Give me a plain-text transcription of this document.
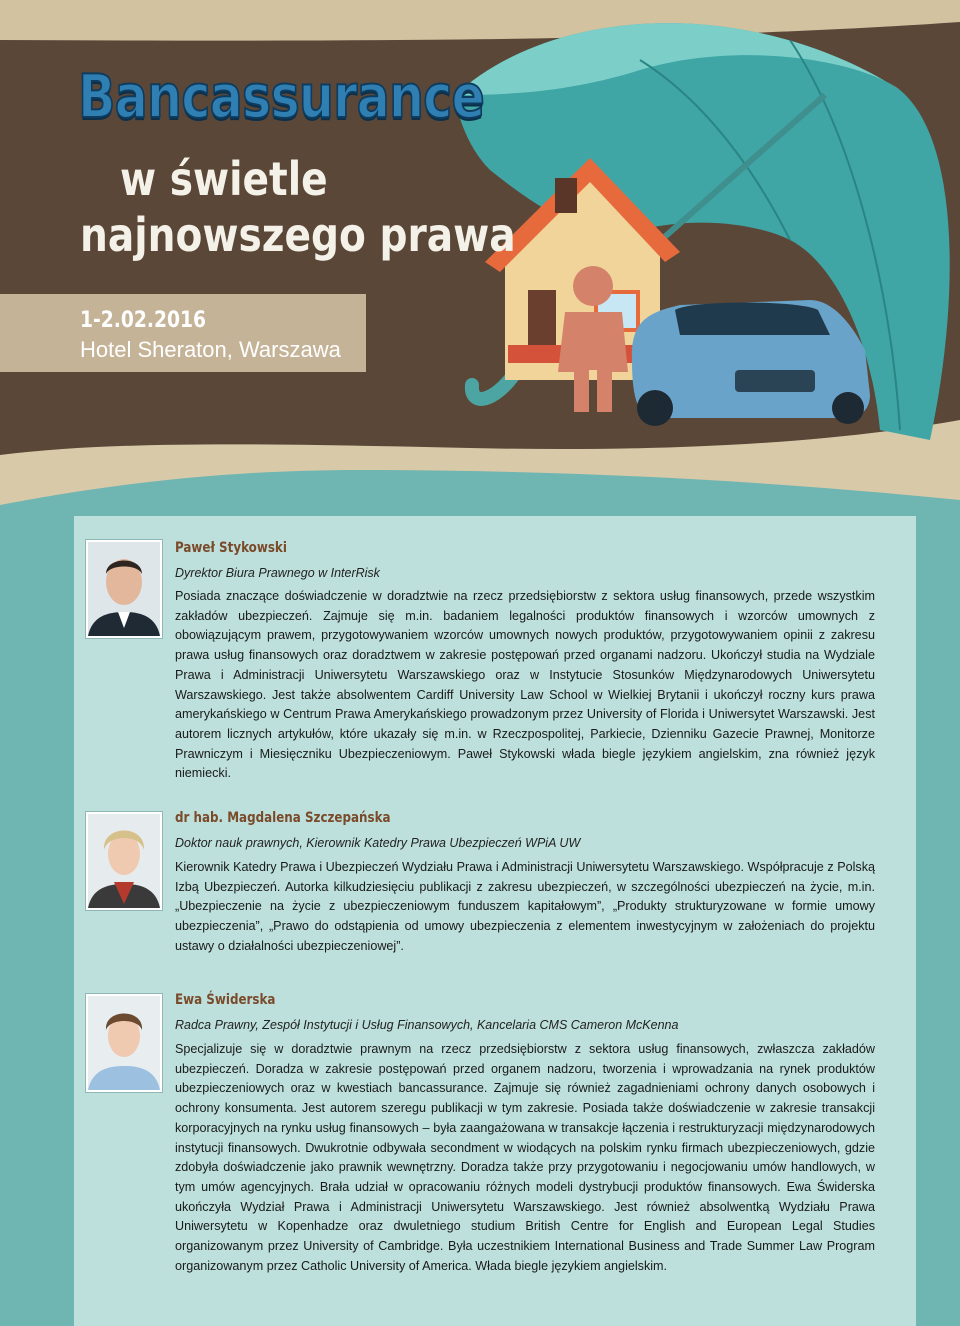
Bancassurance
w świetle
najnowszego prawa
1-2.02.2016
Hotel Sheraton, Warszawa
Paweł Stykowski
Dyrektor Biura Prawnego w InterRisk
Posiada znaczące doświadczenie w doradztwie na rzecz przedsiębiorstw z sektora usług finansowych, przede wszystkim zakładów ubezpieczeń. Zajmuje się m.in. badaniem legalności produktów finansowych i wzorców umownych z obowiązującym prawem, przygotowywaniem wzorców umownych nowych produktów, przygotowywaniem opinii z zakresu prawa usług finansowych oraz doradztwem w zakresie postępowań przed organami nadzoru. Ukończył studia na Wydziale Prawa i Administracji Uniwersytetu Warszawskiego oraz w Instytucie Stosunków Międzynarodowych Uniwersytetu Warszawskiego. Jest także absolwentem Cardiff University Law School w Wielkiej Brytanii i ukończył roczny kurs prawa amerykańskiego w Centrum Prawa Amerykańskiego prowadzonym przez University of Florida i Uniwersytet Warszawski. Jest autorem licznych artykułów, które ukazały się m.in. w Rzeczpospolitej, Parkiecie, Dzienniku Gazecie Prawnej, Monitorze Prawniczym i Miesięczniku Ubezpieczeniowym. Paweł Stykowski włada biegle językiem angielskim, zna również język niemiecki.
dr hab. Magdalena Szczepańska
Doktor nauk prawnych, Kierownik Katedry Prawa Ubezpieczeń WPiA UW
Kierownik Katedry Prawa i Ubezpieczeń Wydziału Prawa i Administracji Uniwersytetu Warszawskiego. Współpracuje z Polską Izbą Ubezpieczeń. Autorka kilkudziesięciu publikacji z zakresu ubezpieczeń, w szczególności ubezpieczeń na życie, m.in. „Ubezpieczenie na życie z ubezpieczeniowym funduszem kapitałowym”, „Produkty strukturyzowane w formie umowy ubezpieczenia”, „Prawo do odstąpienia od umowy ubezpieczenia z elementem inwestycyjnym w założeniach do projektu ustawy o działalności ubezpieczeniowej”.
Ewa Świderska
Radca Prawny, Zespół Instytucji i Usług Finansowych, Kancelaria CMS Cameron McKenna
Specjalizuje się w doradztwie prawnym na rzecz przedsiębiorstw z sektora usług finansowych, zwłaszcza zakładów ubezpieczeń. Doradza w zakresie postępowań przed organem nadzoru, tworzenia i wprowadzania na rynek produktów ubezpieczeniowych oraz w kwestiach bancassurance. Zajmuje się również zagadnieniami ochrony danych osobowych i ochrony konsumenta. Jest autorem szeregu publikacji w tym zakresie. Posiada także doświadczenie w zakresie transakcji korporacyjnych na rynku usług finansowych – była zaangażowana w transakcje łączenia i restrukturyzacji międzynarodowych instytucji finansowych. Dwukrotnie odbywała secondment w wiodących na polskim rynku firmach ubezpieczeniowych, gdzie zdobyła doświadczenie jako prawnik wewnętrzny. Doradza także przy przygotowaniu i negocjowaniu umów handlowych, w tym umów agencyjnych. Brała udział w opracowaniu różnych modeli dystrybucji produktów finansowych. Ewa Świderska ukończyła Wydział Prawa i Administracji Uniwersytetu Warszawskiego. Jest również absolwentką Wydziału Prawa Uniwersytetu w Kopenhadze oraz dwuletniego studium British Centre for English and European Legal Studies organizowanym przez University of Cambridge. Była uczestnikiem International Business and Trade Summer Law Program organizowanym przez Catholic University of America. Włada biegle językiem angielskim.
